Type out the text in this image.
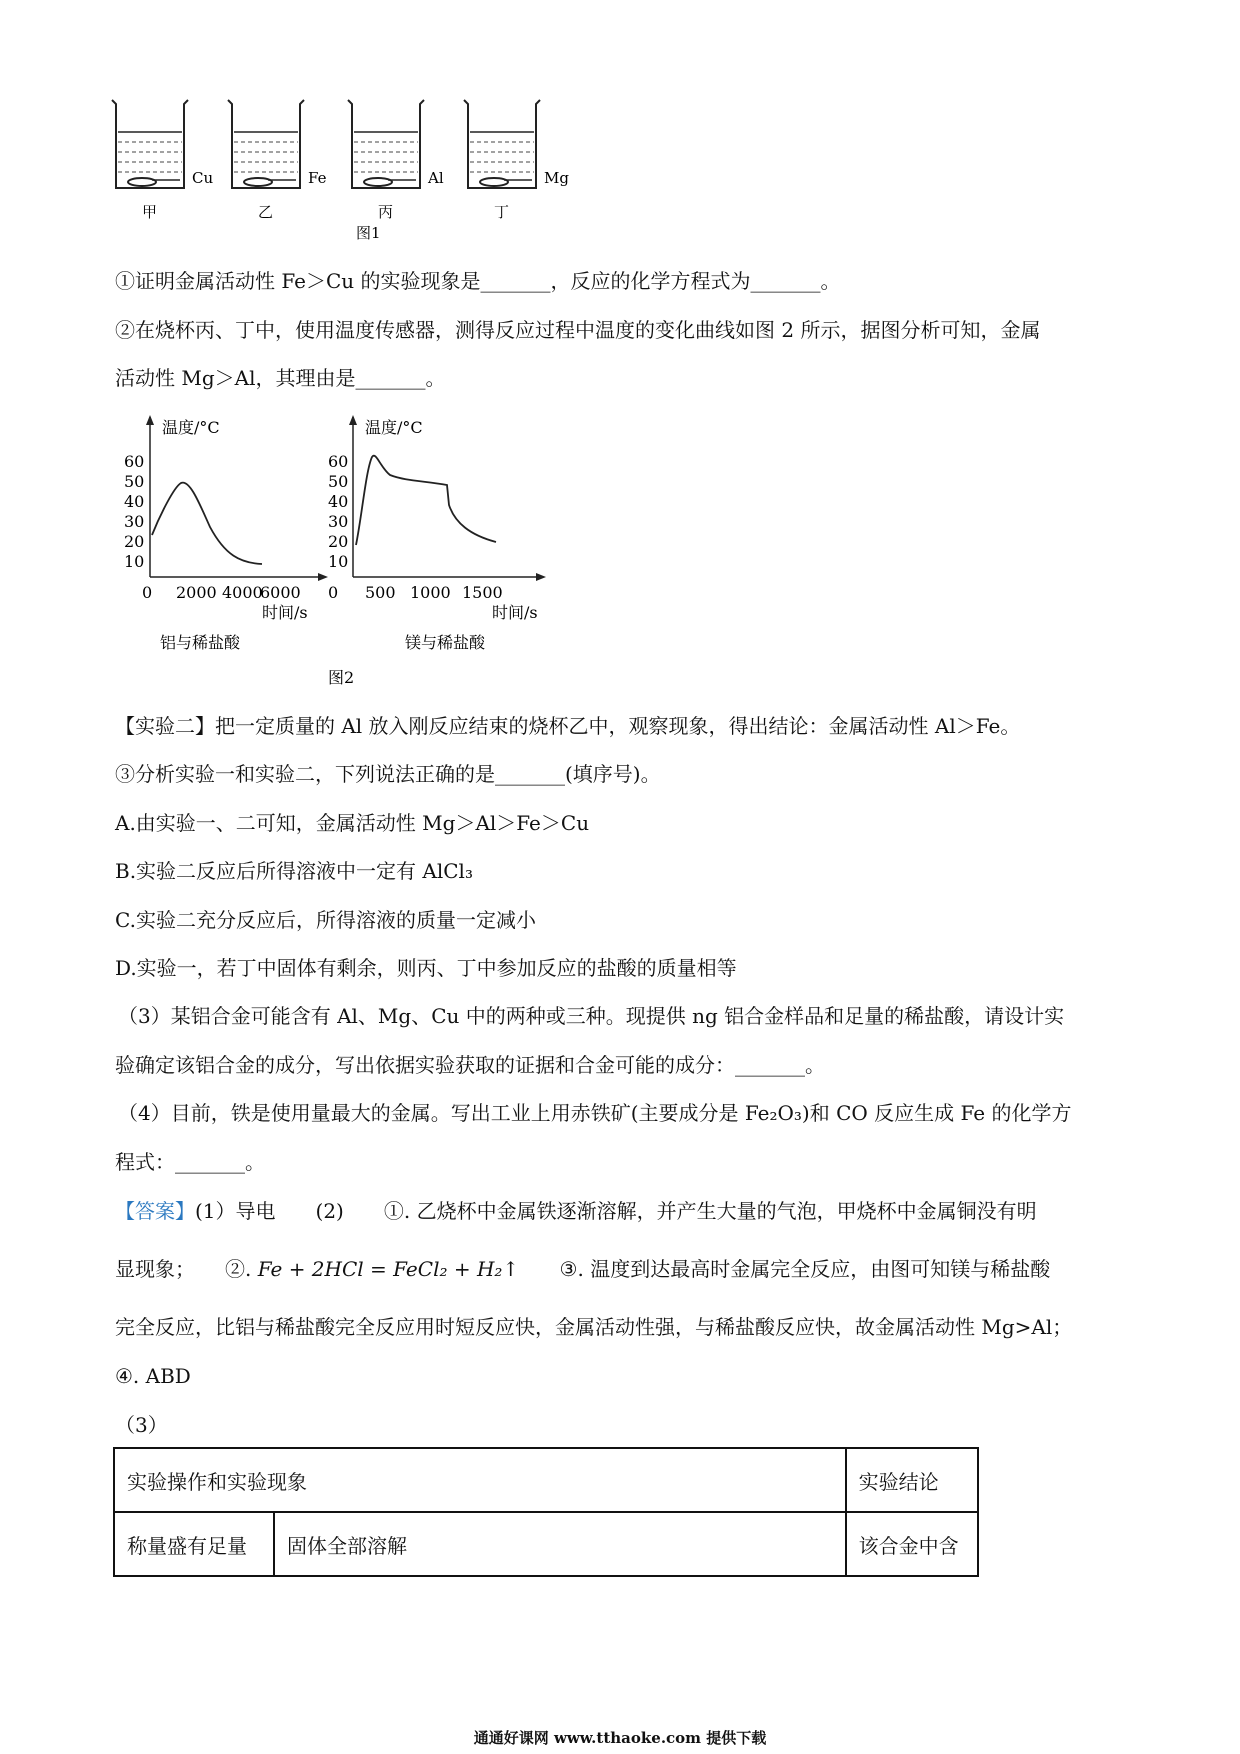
Cu	Fe	Al	Mg
甲	乙	丙	丁
图1
①证明金属活动性 Fe＞Cu 的实验现象是_______，反应的化学方程式为_______。
②在烧杯丙、丁中，使用温度传感器，测得反应过程中温度的变化曲线如图 2 所示，据图分析可知，金属
活动性 Mg＞Al，其理由是_______。
温度/°C
60
50
40
30
20
10
0 2000 4000
6000
时间/s
铝与稀盐酸
温度/°C
60
50
40
30
20
10
0 500 1000 1500
时间/s
镁与稀盐酸
图2
【实验二】把一定质量的 Al 放入刚反应结束的烧杯乙中，观察现象，得出结论：金属活动性 Al＞Fe。
③分析实验一和实验二，下列说法正确的是_______(填序号)。
A.由实验一、二可知，金属活动性 Mg＞Al＞Fe＞Cu
B.实验二反应后所得溶液中一定有 AlCl₃
C.实验二充分反应后，所得溶液的质量一定减小
D.实验一，若丁中固体有剩余，则丙、丁中参加反应的盐酸的质量相等
（3）某铝合金可能含有 Al、Mg、Cu 中的两种或三种。现提供 ng 铝合金样品和足量的稀盐酸，请设计实
验确定该铝合金的成分，写出依据实验获取的证据和合金可能的成分：_______。
（4）目前，铁是使用量最大的金属。写出工业上用赤铁矿(主要成分是 Fe₂O₃)和 CO 反应生成 Fe 的化学方
程式：_______。
【答案】(1）导电　　(2)　　①. 乙烧杯中金属铁逐渐溶解，并产生大量的气泡，甲烧杯中金属铜没有明
显现象；　　②. Fe + 2HCl = FeCl₂ + H₂↑ ③. 温度到达最高时金属完全反应，由图可知镁与稀盐酸
完全反应，比铝与稀盐酸完全反应用时短反应快，金属活动性强，与稀盐酸反应快，故金属活动性 Mg>Al；
④. ABD
（3）
实验操作和实验现象		实验结论
称量盛有足量	固体全部溶解	该合金中含
通通好课网 www.tthaoke.com 提供下载
